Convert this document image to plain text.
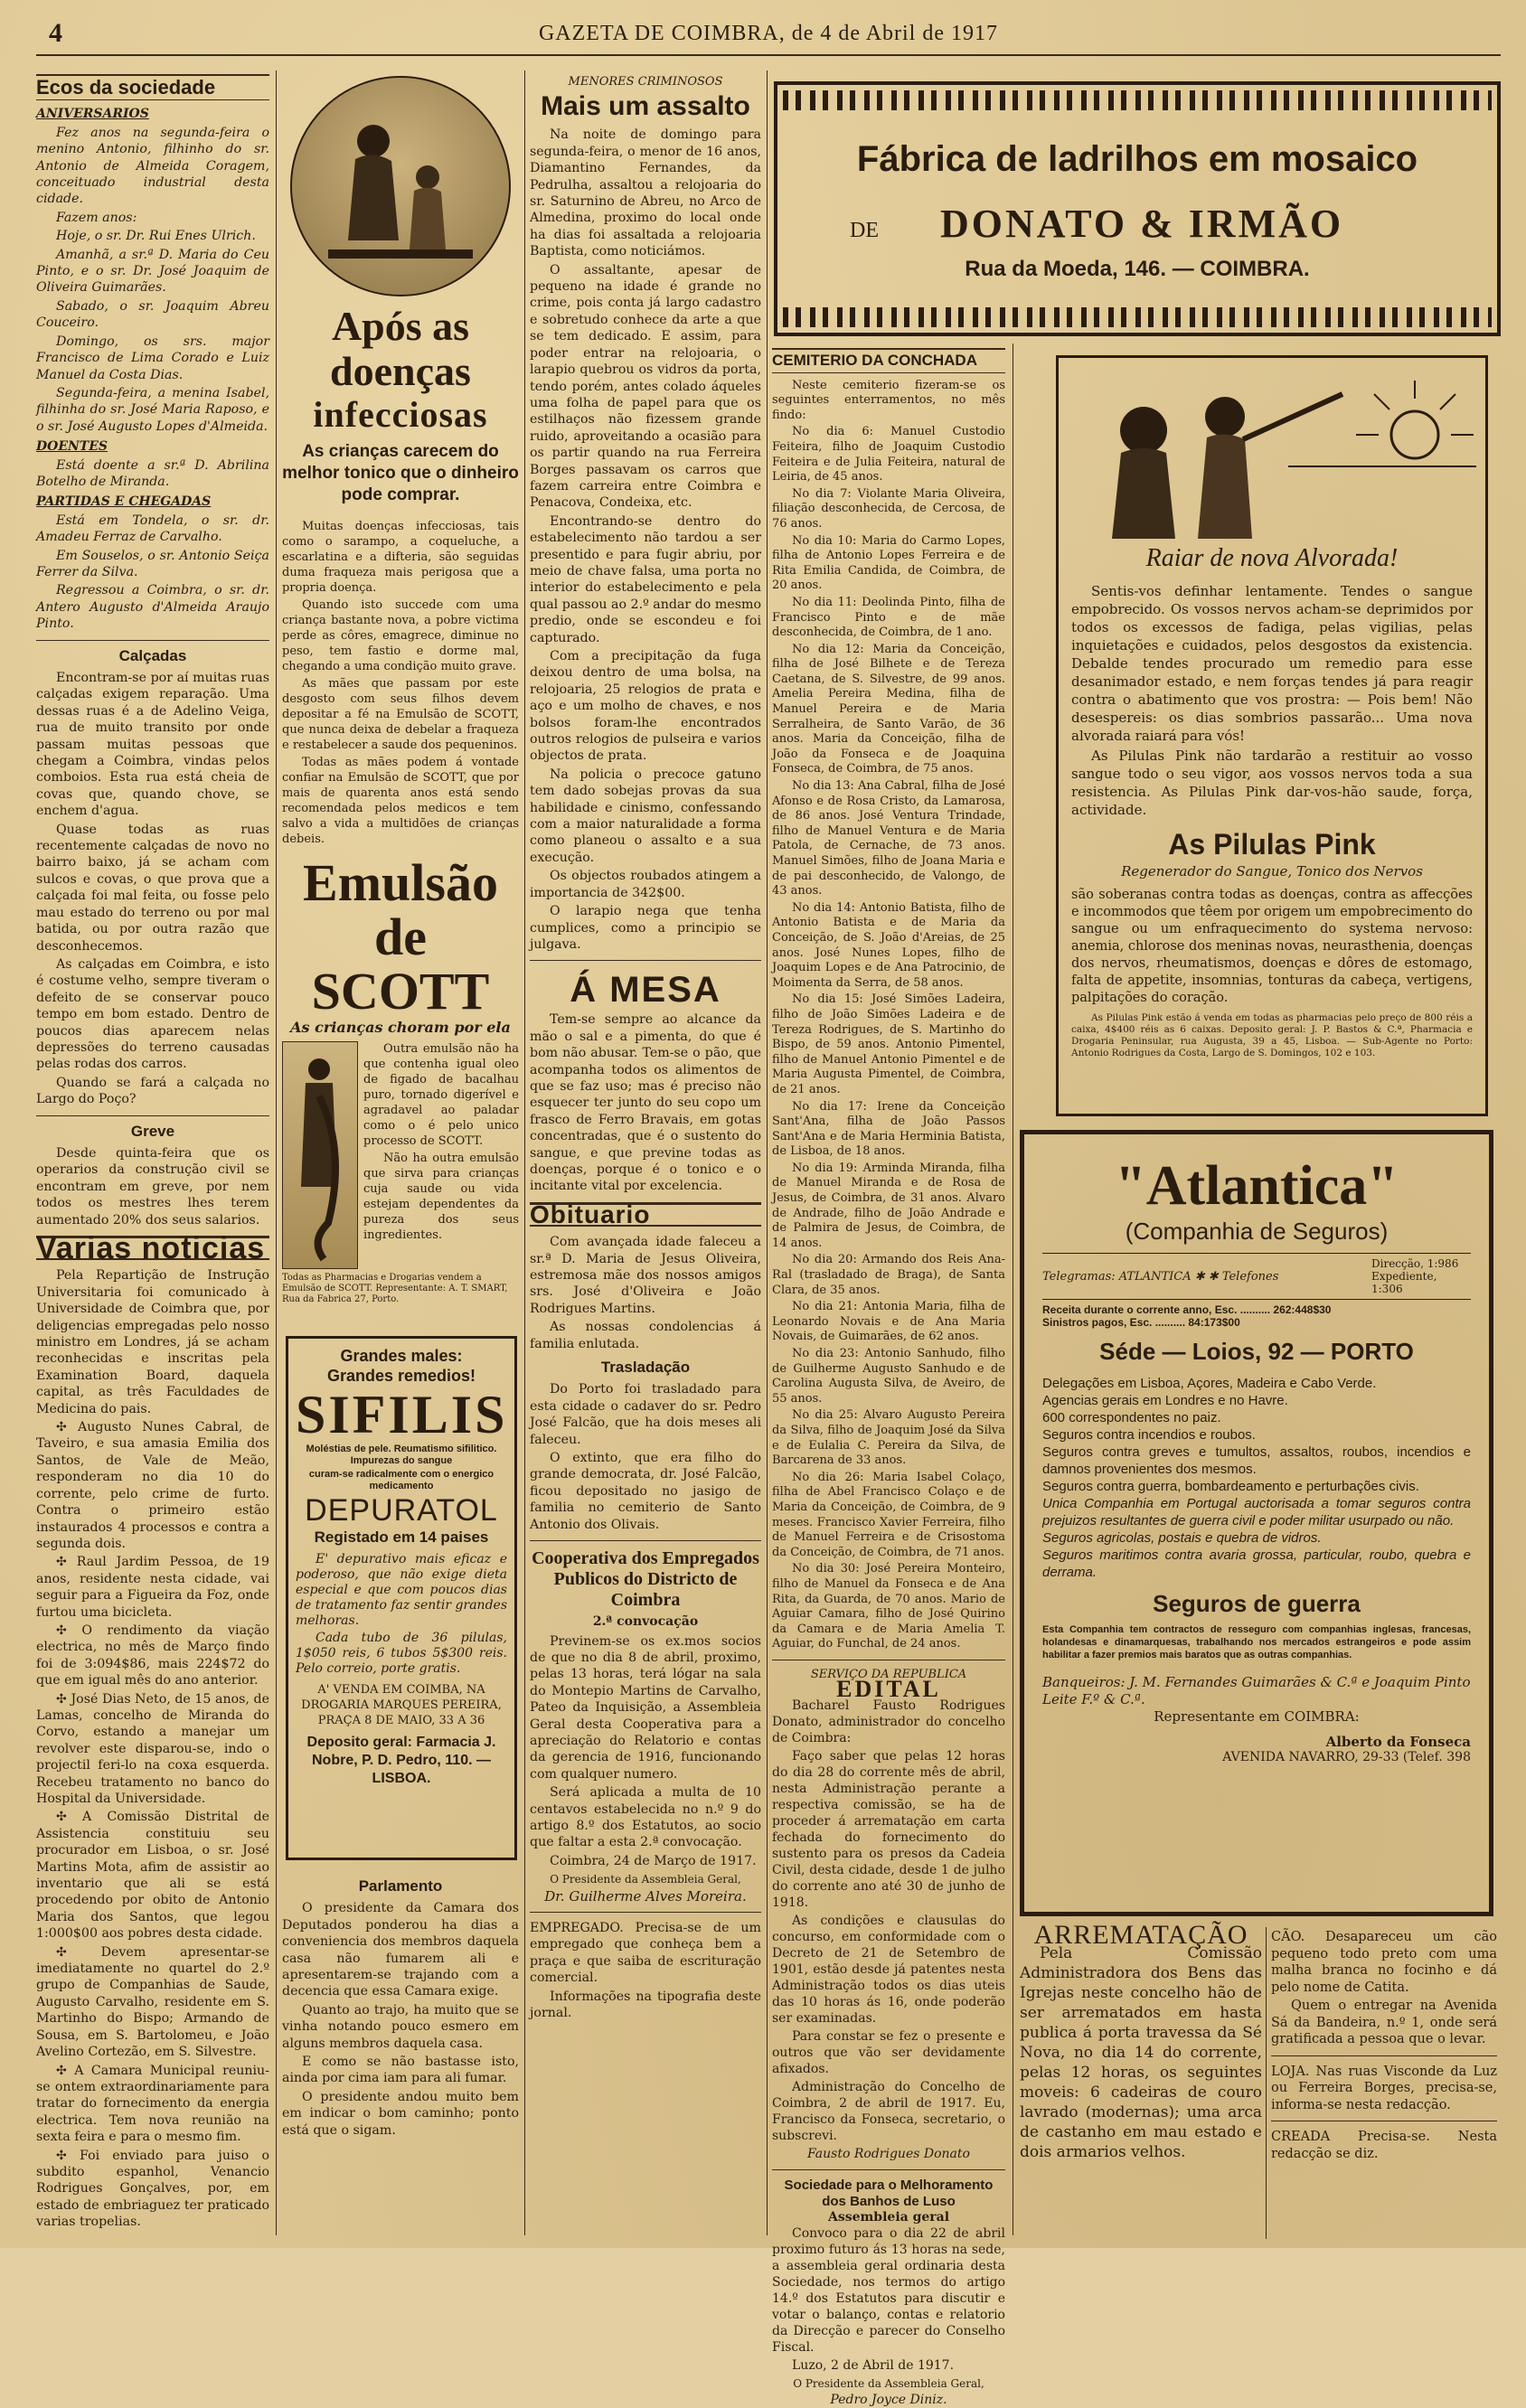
4	GAZETA DE COIMBRA, de 4 de Abril de 1917
Ecos da sociedade
ANIVERSARIOS

Fez anos na segunda-feira o menino Antonio, filhinho do sr. Antonio de Almeida Coragem, conceituado industrial desta cidade.

Fazem anos:

Hoje, o sr. Dr. Rui Enes Ulrich.

Amanhã, a sr.ª D. Maria do Ceu Pinto, e o sr. Dr. José Joaquim de Oliveira Guimarães.

Sabado, o sr. Joaquim Abreu Couceiro.

Domingo, os srs. major Francisco de Lima Corado e Luiz Manuel da Costa Dias.

Segunda-feira, a menina Isabel, filhinha do sr. José Maria Raposo, e o sr. José Augusto Lopes d'Almeida.

DOENTES

Está doente a sr.ª D. Abrilina Botelho de Miranda.

PARTIDAS E CHEGADAS

Está em Tondela, o sr. dr. Amadeu Ferraz de Carvalho.

Em Souselos, o sr. Antonio Seiça Ferrer da Silva.

Regressou a Coimbra, o sr. dr. Antero Augusto d'Almeida Araujo Pinto.

Calçadas

Encontram-se por aí muitas ruas calçadas exigem reparação. Uma dessas ruas é a de Adelino Veiga, rua de muito transito por onde passam muitas pessoas que chegam a Coimbra, vindas pelos comboios. Esta rua está cheia de covas que, quando chove, se enchem d'agua.

Quase todas as ruas recentemente calçadas de novo no bairro baixo, já se acham com sulcos e covas, o que prova que a calçada foi mal feita, ou fosse pelo mau estado do terreno ou por mal batida, ou por outra razão que desconhecemos.

As calçadas em Coimbra, e isto é costume velho, sempre tiveram o defeito de se conservar pouco tempo em bom estado. Dentro de poucos dias aparecem nelas depressões do terreno causadas pelas rodas dos carros.

Quando se fará a calçada no Largo do Poço?

Greve

Desde quinta-feira que os operarios da construção civil se encontram em greve, por nem todos os mestres lhes terem aumentado 20% dos seus salarios.

Varias noticias

Pela Repartição de Instrução Universitaria foi comunicado à Universidade de Coimbra que, por deligencias empregadas pelo nosso ministro em Londres, já se acham reconhecidas e inscritas pela Examination Board, daquela capital, as três Faculdades de Medicina do pais.

✣ Augusto Nunes Cabral, de Taveiro, e sua amasia Emilia dos Santos, de Vale de Meão, responderam no dia 10 do corrente, pelo crime de furto. Contra o primeiro estão instaurados 4 processos e contra a segunda dois.

✣ Raul Jardim Pessoa, de 19 anos, residente nesta cidade, vai seguir para a Figueira da Foz, onde furtou uma bicicleta.

✣ O rendimento da viação electrica, no mês de Março findo foi de 3:094$86, mais 224$72 do que em igual mês do ano anterior.

✣ José Dias Neto, de 15 anos, de Lamas, concelho de Miranda do Corvo, estando a manejar um revolver este disparou-se, indo o projectil feri-lo na coxa esquerda. Recebeu tratamento no banco do Hospital da Universidade.

✣ A Comissão Distrital de Assistencia constituiu seu procurador em Lisboa, o sr. José Martins Mota, afim de assistir ao inventario que ali se está procedendo por obito de Antonio Maria dos Santos, que legou 1:000$00 aos pobres desta cidade.

✣ Devem apresentar-se imediatamente no quartel do 2.º grupo de Companhias de Saude, Augusto Carvalho, residente em S. Martinho do Bispo; Armando de Sousa, em S. Bartolomeu, e João Avelino Cortezão, em S. Silvestre.

✣ A Camara Municipal reuniu-se ontem extraordinariamente para tratar do fornecimento da energia electrica. Tem nova reunião na sexta feira e para o mesmo fim.

✣ Foi enviado para juiso o subdito espanhol, Venancio Rodrigues Gonçalves, por, em estado de embriaguez ter praticado varias tropelias.

Após as doenças
infecciosas
As crianças carecem do melhor tonico que o dinheiro pode comprar.

Muitas doenças infecciosas, tais como o sarampo, a coqueluche, a escarlatina e a difteria, são seguidas duma fraqueza mais perigosa que a propria doença.

Quando isto succede com uma criança bastante nova, a pobre victima perde as côres, emagrece, diminue no peso, tem fastio e dorme mal, chegando a uma condição muito grave.

As mães que passam por este desgosto com seus filhos devem depositar a fé na Emulsão de SCOTT, que nunca deixa de debelar a fraqueza e restabelecer a saude dos pequeninos.

Todas as mães podem á vontade confiar na Emulsão de SCOTT, que por mais de quarenta anos está sendo recomendada pelos medicos e tem salvo a vida a multidões de crianças debeis.

Emulsão
de SCOTT
As crianças choram por ela

Outra emulsão não ha que contenha igual oleo de figado de bacalhau puro, tornado digerível e agradavel ao paladar como o é pelo unico processo de SCOTT.

Não ha outra emulsão que sirva para crianças cuja saude ou vida estejam dependentes da pureza dos seus ingredientes.

Todas as Pharmacias e Drogarias vendem a Emulsão de SCOTT. Representante: A. T. SMART, Rua da Fabrica 27, Porto.
Grandes males:
Grandes remedios!
SIFILIS
Moléstias de pele. Reumatismo sifilitico. Impurezas do sangue
curam-se radicalmente com o energico medicamento
DEPURATOL
Registado em 14 paises

E' depurativo mais eficaz e poderoso, que não exige dieta especial e que com poucos dias de tratamento faz sentir grandes melhoras.

Cada tubo de 36 pilulas, 1$050 reis, 6 tubos 5$300 reis. Pelo correio, porte gratis.

A' VENDA EM COIMBA, NA DROGARIA MARQUES PEREIRA, PRAÇA 8 DE MAIO, 33 A 36
Deposito geral: Farmacia J. Nobre, P. D. Pedro, 110. — LISBOA.
Parlamento

O presidente da Camara dos Deputados ponderou ha dias a conveniencia dos membros daquela casa não fumarem ali e apresentarem-se trajando com a decencia que essa Camara exige.

Quanto ao trajo, ha muito que se vinha notando pouco esmero em alguns membros daquela casa.

E como se não bastasse isto, ainda por cima iam para ali fumar.

O presidente andou muito bem em indicar o bom caminho; ponto está que o sigam.

MENORES CRIMINOSOS
Mais um assalto

Na noite de domingo para segunda-feira, o menor de 16 anos, Diamantino Fernandes, da Pedrulha, assaltou a relojoaria do sr. Saturnino de Abreu, no Arco de Almedina, proximo do local onde ha dias foi assaltada a relojoaria Baptista, como noticiámos.

O assaltante, apesar de pequeno na idade é grande no crime, pois conta já largo cadastro e sobretudo conhece da arte a que se tem dedicado. E assim, para poder entrar na relojoaria, o larapio quebrou os vidros da porta, tendo porém, antes colado áqueles uma folha de papel para que os estilhaços não fizessem grande ruido, aproveitando a ocasião para os partir quando na rua Ferreira Borges passavam os carros que fazem carreira entre Coimbra e Penacova, Condeixa, etc.

Encontrando-se dentro do estabelecimento não tardou a ser presentido e para fugir abriu, por meio de chave falsa, uma porta no interior do estabelecimento e pela qual passou ao 2.º andar do mesmo predio, onde se escondeu e foi capturado.

Com a precipitação da fuga deixou dentro de uma bolsa, na relojoaria, 25 relogios de prata e aço e um molho de chaves, e nos bolsos foram-lhe encontrados outros relogios de pulseira e varios objectos de prata.

Na policia o precoce gatuno tem dado sobejas provas da sua habilidade e cinismo, confessando com a maior naturalidade a forma como planeou o assalto e a sua execução.

Os objectos roubados atingem a importancia de 342$00.

O larapio nega que tenha cumplices, como a principio se julgava.

Á MESA

Tem-se sempre ao alcance da mão o sal e a pimenta, do que é bom não abusar. Tem-se o pão, que acompanha todos os alimentos de que se faz uso; mas é preciso não esquecer ter junto do seu copo um frasco de Ferro Bravais, em gotas concentradas, que é o sustento do sangue, e que previne todas as doenças, porque é o tonico e o incitante vital por excelencia.

Obituario

Com avançada idade faleceu a sr.ª D. Maria de Jesus Oliveira, estremosa mãe dos nossos amigos srs. José d'Oliveira e João Rodrigues Martins.

As nossas condolencias á familia enlutada.

Trasladação

Do Porto foi trasladado para esta cidade o cadaver do sr. Pedro José Falcão, que ha dois meses ali faleceu.

O extinto, que era filho do grande democrata, dr. José Falcão, ficou depositado no jasigo de familia no cemiterio de Santo Antonio dos Olivais.

Cooperativa dos Empregados Publicos do Districto de Coimbra
2.ª convocação

Previnem-se os ex.mos socios de que no dia 8 de abril, proximo, pelas 13 horas, terá lógar na sala do Montepio Martins de Carvalho, Pateo da Inquisição, a Assembleia Geral desta Cooperativa para a apreciação do Relatorio e contas da gerencia de 1916, funcionando com qualquer numero.

Será aplicada a multa de 10 centavos estabelecida no n.º 9 do artigo 8.º dos Estatutos, ao socio que faltar a esta 2.ª convocação.

Coimbra, 24 de Março de 1917.

O Presidente da Assembleia Geral,
Dr. Guilherme Alves Moreira.

EMPREGADO. Precisa-se de um empregado que conheça bem a praça e que saiba de escrituração comercial.

Informações na tipografia deste jornal.

Fábrica de ladrilhos em mosaico
DE DONATO & IRMÃO
Rua da Moeda, 146. — COIMBRA.
CEMITERIO DA CONCHADA

Neste cemiterio fizeram-se os seguintes enterramentos, no mês findo:

No dia 6: Manuel Custodio Feiteira, filho de Joaquim Custodio Feiteira e de Julia Feiteira, natural de Leiria, de 45 anos.

No dia 7: Violante Maria Oliveira, filiação desconhecida, de Cercosa, de 76 anos.

No dia 10: Maria do Carmo Lopes, filha de Antonio Lopes Ferreira e de Rita Emilia Candida, de Coimbra, de 20 anos.

No dia 11: Deolinda Pinto, filha de Francisco Pinto e de mãe desconhecida, de Coimbra, de 1 ano.

No dia 12: Maria da Conceição, filha de José Bilhete e de Tereza Caetana, de S. Silvestre, de 99 anos. Amelia Pereira Medina, filha de Manuel Pereira e de Maria Serralheira, de Santo Varão, de 36 anos. Maria da Conceição, filha de João da Fonseca e de Joaquina Fonseca, de Coimbra, de 75 anos.

No dia 13: Ana Cabral, filha de José Afonso e de Rosa Cristo, da Lamarosa, de 86 anos. José Ventura Trindade, filho de Manuel Ventura e de Maria Patola, de Cernache, de 73 anos. Manuel Simões, filho de Joana Maria e de pai desconhecido, de Valongo, de 43 anos.

No dia 14: Antonio Batista, filho de Antonio Batista e de Maria da Conceição, de S. João d'Areias, de 25 anos. José Nunes Lopes, filho de Joaquim Lopes e de Ana Patrocinio, de Moimenta da Serra, de 58 anos.

No dia 15: José Simões Ladeira, filho de João Simões Ladeira e de Tereza Rodrigues, de S. Martinho do Bispo, de 59 anos. Antonio Pimentel, filho de Manuel Antonio Pimentel e de Maria Augusta Pimentel, de Coimbra, de 21 anos.

No dia 17: Irene da Conceição Sant'Ana, filha de João Passos Sant'Ana e de Maria Herminia Batista, de Lisboa, de 18 anos.

No dia 19: Arminda Miranda, filha de Manuel Miranda e de Rosa de Jesus, de Coimbra, de 31 anos. Alvaro de Andrade, filho de João Andrade e de Palmira de Jesus, de Coimbra, de 14 anos.

No dia 20: Armando dos Reis Ana-Ral (trasladado de Braga), de Santa Clara, de 35 anos.

No dia 21: Antonia Maria, filha de Leonardo Novais e de Ana Maria Novais, de Guimarães, de 62 anos.

No dia 23: Antonio Sanhudo, filho de Guilherme Augusto Sanhudo e de Carolina Augusta Silva, de Aveiro, de 55 anos.

No dia 25: Alvaro Augusto Pereira da Silva, filho de Joaquim José da Silva e de Eulalia C. Pereira da Silva, de Barcarena de 33 anos.

No dia 26: Maria Isabel Colaço, filha de Abel Francisco Colaço e de Maria da Conceição, de Coimbra, de 9 meses. Francisco Xavier Ferreira, filho de Manuel Ferreira e de Crisostoma da Conceição, de Coimbra, de 71 anos.

No dia 30: José Pereira Monteiro, filho de Manuel da Fonseca e de Ana Rita, da Guarda, de 70 anos. Mario de Aguiar Camara, filho de José Quirino da Camara e de Maria Amelia T. Aguiar, do Funchal, de 24 anos.

SERVIÇO DA REPUBLICA
EDITAL

Bacharel Fausto Rodrigues Donato, administrador do concelho de Coimbra:

Faço saber que pelas 12 horas do dia 28 do corrente mês de abril, nesta Administração perante a respectiva comissão, se ha de proceder á arrematação em carta fechada do fornecimento do sustento para os presos da Cadeia Civil, desta cidade, desde 1 de julho do corrente ano até 30 de junho de 1918.

As condições e clausulas do concurso, em conformidade com o Decreto de 21 de Setembro de 1901, estão desde já patentes nesta Administração todos os dias uteis das 10 horas ás 16, onde poderão ser examinadas.

Para constar se fez o presente e outros que vão ser devidamente afixados.

Administração do Concelho de Coimbra, 2 de abril de 1917. Eu, Francisco da Fonseca, secretario, o subscrevi.

Fausto Rodrigues Donato
Sociedade para o Melhoramento dos Banhos de Luso
Assembleia geral

Convoco para o dia 22 de abril proximo futuro ás 13 horas na sede, a assembleia geral ordinaria desta Sociedade, nos termos do artigo 14.º dos Estatutos para discutir e votar o balanço, contas e relatorio da Direcção e parecer do Conselho Fiscal.

Luzo, 2 de Abril de 1917.

O Presidente da Assembleia Geral,
Pedro Joyce Diniz.
Raiar de nova Alvorada!

Sentis-vos definhar lentamente. Tendes o sangue empobrecido. Os vossos nervos acham-se deprimidos por todos os excessos de fadiga, pelas vigilias, pelas inquietações e cuidados, pelos desgostos da existencia. Debalde tendes procurado um remedio para esse desanimador estado, e nem forças tendes já para reagir contra o abatimento que vos prostra: — Pois bem! Não desespereis: os dias sombrios passarão... Uma nova alvorada raiará para vós!

As Pilulas Pink não tardarão a restituir ao vosso sangue todo o seu vigor, aos vossos nervos toda a sua resistencia. As Pilulas Pink dar-vos-hão saude, força, actividade.

As Pilulas Pink
Regenerador do Sangue, Tonico dos Nervos

são soberanas contra todas as doenças, contra as affecções e incommodos que têem por origem um empobrecimento do sangue ou um enfraquecimento do systema nervoso: anemia, chlorose dos meninas novas, neurasthenia, doenças dos nervos, rheumatismos, doenças e dôres de estomago, falta de appetite, insomnias, tonturas da cabeça, vertigens, palpitações do coração.

As Pilulas Pink estão á venda em todas as pharmacias pelo preço de 800 réis a caixa, 4$400 réis as 6 caixas. Deposito geral: J. P. Bastos & C.ª, Pharmacia e Drogaria Peninsular, rua Augusta, 39 a 45, Lisboa. — Sub-Agente no Porto: Antonio Rodrigues da Costa, Largo de S. Domingos, 102 e 103.

"Atlantica"
(Companhia de Seguros)
Telegramas: ATLANTICA ✱ ✱ Telefones
Direcção, 1:986 Expediente, 1:306
Receita durante o corrente anno, Esc. .......... 262:448$30
Sinistros pagos, Esc. .......... 84:173$00
Séde — Loios, 92 — PORTO
Delegações em Lisboa, Açores, Madeira e Cabo Verde.
Agencias gerais em Londres e no Havre.
600 correspondentes no paiz.
Seguros contra incendios e roubos.
Seguros contra greves e tumultos, assaltos, roubos, incendios e damnos provenientes dos mesmos.
Seguros contra guerra, bombardeamento e perturbações civis.
Unica Companhia em Portugal auctorisada a tomar seguros contra prejuizos resultantes de guerra civil e poder militar usurpado ou não.
Seguros agricolas, postais e quebra de vidros.
Seguros maritimos contra avaria grossa, particular, roubo, quebra e derrama.
Seguros de guerra
Esta Companhia tem contractos de resseguro com companhias inglesas, francesas, holandesas e dinamarquesas, trabalhando nos mercados estrangeiros e pode assim habilitar a fazer premios mais baratos que as outras companhias.
Banqueiros: J. M. Fernandes Guimarães & C.ª e Joaquim Pinto Leite F.º & C.ª.
Representante em COIMBRA:
Alberto da Fonseca
AVENIDA NAVARRO, 29-33 (Telef. 398
ARREMATAÇÃO

Pela Comissão Administradora dos Bens das Igrejas neste concelho hão de ser arrematados em hasta publica á porta travessa da Sé Nova, no dia 14 do corrente, pelas 12 horas, os seguintes moveis: 6 cadeiras de couro lavrado (modernas); uma arca de castanho em mau estado e dois armarios velhos.

CÃO. Desapareceu um cão pequeno todo preto com uma malha branca no focinho e dá pelo nome de Catita.

Quem o entregar na Avenida Sá da Bandeira, n.º 1, onde será gratificada a pessoa que o levar.

LOJA. Nas ruas Visconde da Luz ou Ferreira Borges, precisa-se, informa-se nesta redacção.

CREADA Precisa-se. Nesta redacção se diz.
